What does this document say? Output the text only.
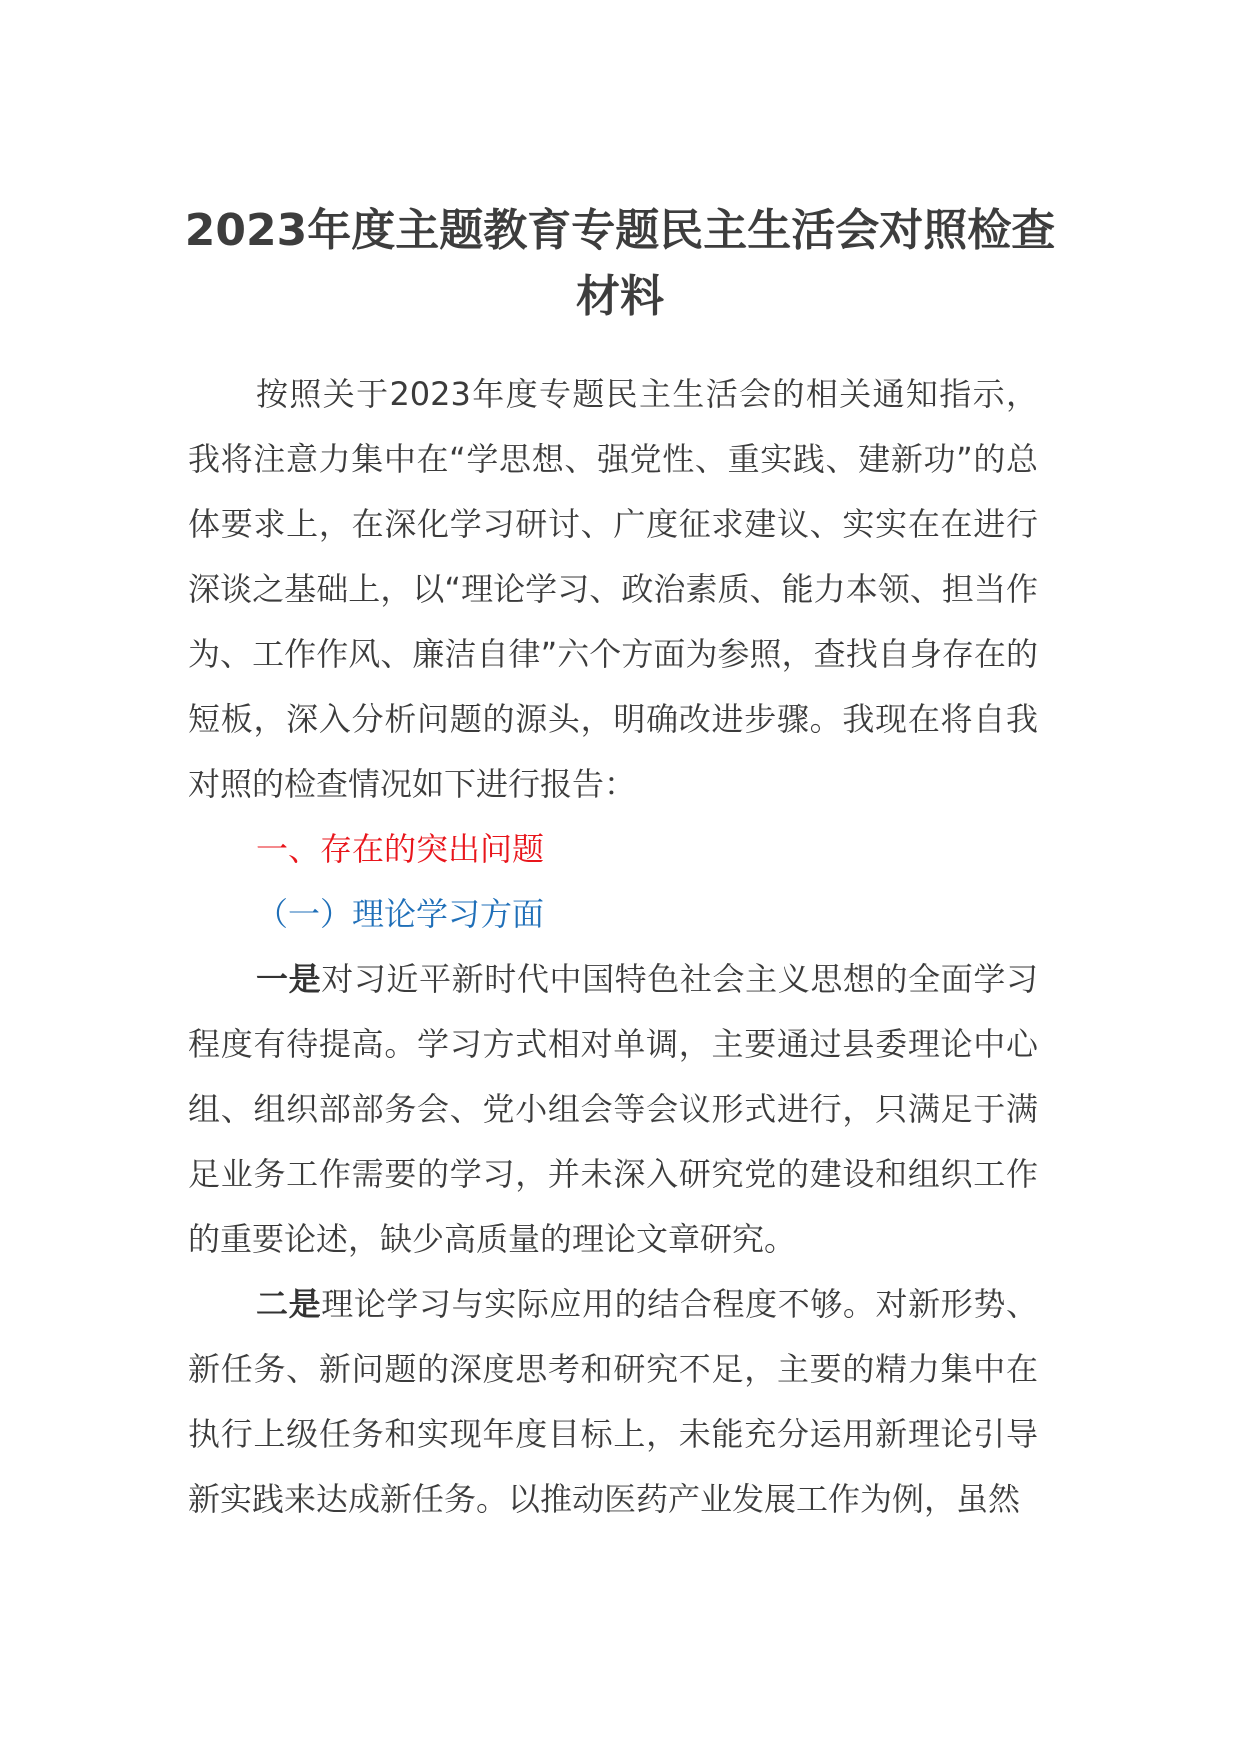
2023年度主题教育专题民主生活会对照检查材料

按照关于2023年度专题民主生活会的相关通知指示，我将注意力集中在“学思想、强党性、重实践、建新功”的总体要求上，在深化学习研讨、广度征求建议、实实在在进行深谈之基础上，以“理论学习、政治素质、能力本领、担当作为、工作作风、廉洁自律”六个方面为参照，查找自身存在的短板，深入分析问题的源头，明确改进步骤。我现在将自我对照的检查情况如下进行报告：

一、存在的突出问题

（一）理论学习方面

一是对习近平新时代中国特色社会主义思想的全面学习程度有待提高。学习方式相对单调，主要通过县委理论中心组、组织部部务会、党小组会等会议形式进行，只满足于满足业务工作需要的学习，并未深入研究党的建设和组织工作的重要论述，缺少高质量的理论文章研究。

二是理论学习与实际应用的结合程度不够。对新形势、新任务、新问题的深度思考和研究不足，主要的精力集中在执行上级任务和实现年度目标上，未能充分运用新理论引导新实践来达成新任务。以推动医药产业发展工作为例，虽然
